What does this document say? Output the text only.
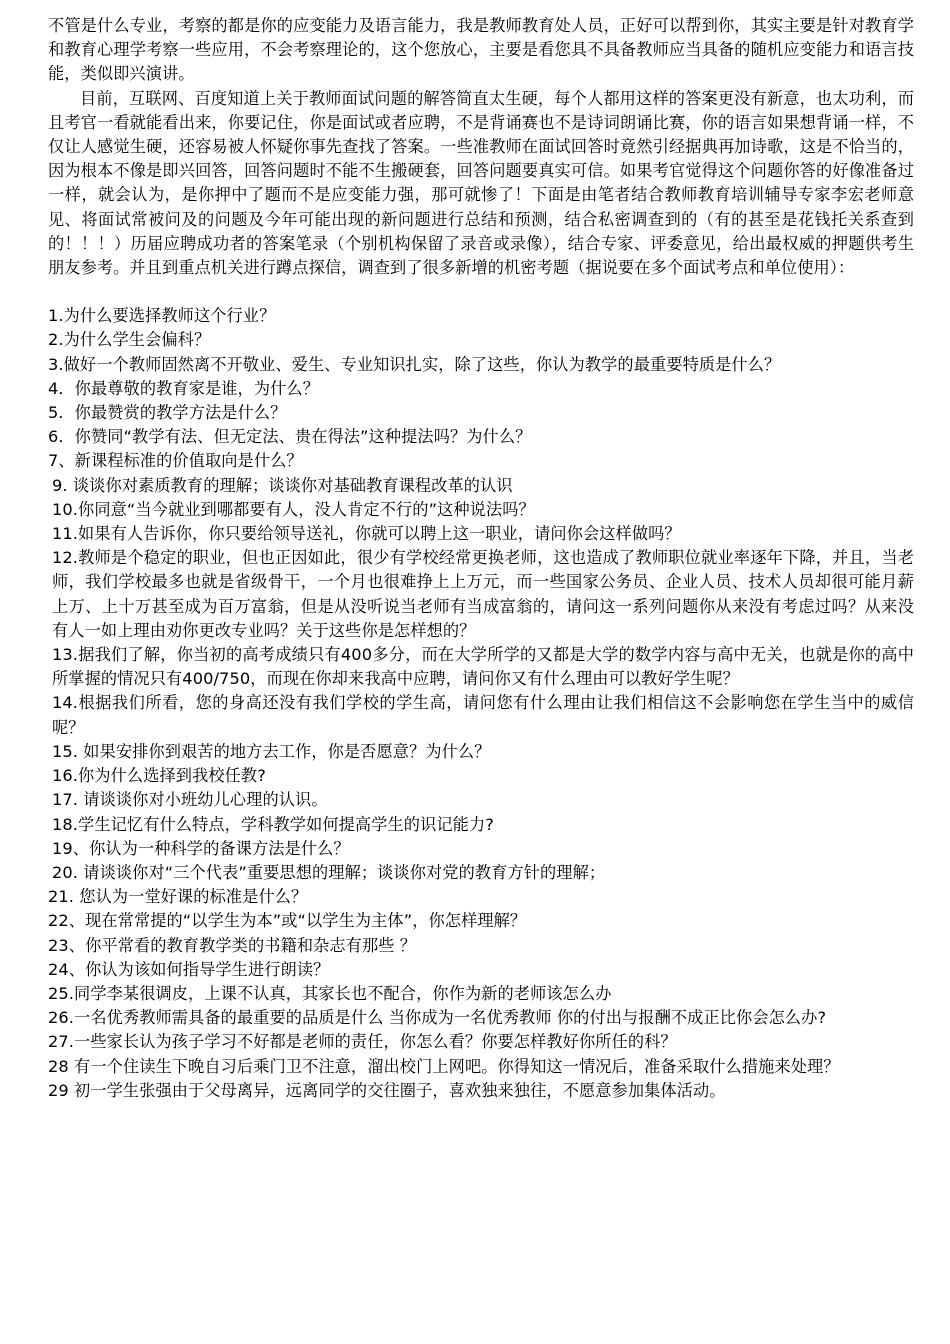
不管是什么专业，考察的都是你的应变能力及语言能力，我是教师教育处人员，正好可以帮到你，其实主要是针对教育学和教育心理学考察一些应用，不会考察理论的，这个您放心，主要是看您具不具备教师应当具备的随机应变能力和语言技能，类似即兴演讲。

目前，互联网、百度知道上关于教师面试问题的解答简直太生硬，每个人都用这样的答案更没有新意，也太功利，而且考官一看就能看出来，你要记住，你是面试或者应聘，不是背诵赛也不是诗词朗诵比赛，你的语言如果想背诵一样，不仅让人感觉生硬，还容易被人怀疑你事先查找了答案。一些准教师在面试回答时竟然引经据典再加诗歌，这是不恰当的，因为根本不像是即兴回答，回答问题时不能不生搬硬套，回答问题要真实可信。如果考官觉得这个问题你答的好像准备过一样，就会认为，是你押中了题而不是应变能力强，那可就惨了！下面是由笔者结合教师教育培训辅导专家李宏老师意见、将面试常被问及的问题及今年可能出现的新问题进行总结和预测，结合私密调查到的（有的甚至是花钱托关系查到的！！！）历届应聘成功者的答案笔录（个别机构保留了录音或录像），结合专家、评委意见，给出最权威的押题供考生朋友参考。并且到重点机关进行蹲点探信，调查到了很多新增的机密考题（据说要在多个面试考点和单位使用）：

1.为什么要选择教师这个行业？

2.为什么学生会偏科？

3.做好一个教师固然离不开敬业、爱生、专业知识扎实，除了这些，你认为教学的最重要特质是什么？

4．你最尊敬的教育家是谁，为什么？

5．你最赞赏的教学方法是什么？

6．你赞同“教学有法、但无定法、贵在得法”这种提法吗？为什么？

7、新课程标准的价值取向是什么？

9. 谈谈你对素质教育的理解；谈谈你对基础教育课程改革的认识

10.你同意“当今就业到哪都要有人，没人肯定不行的”这种说法吗？

11.如果有人告诉你，你只要给领导送礼，你就可以聘上这一职业，请问你会这样做吗？

12.教师是个稳定的职业，但也正因如此，很少有学校经常更换老师，这也造成了教师职位就业率逐年下降，并且，当老师，我们学校最多也就是省级骨干，一个月也很难挣上上万元，而一些国家公务员、企业人员、技术人员却很可能月薪上万、上十万甚至成为百万富翁，但是从没听说当老师有当成富翁的，请问这一系列问题你从来没有考虑过吗？从来没有人一如上理由劝你更改专业吗？关于这些你是怎样想的？

13.据我们了解，你当初的高考成绩只有400多分，而在大学所学的又都是大学的数学内容与高中无关，也就是你的高中所掌握的情况只有400/750，而现在你却来我高中应聘，请问你又有什么理由可以教好学生呢？

14.根据我们所看，您的身高还没有我们学校的学生高，请问您有什么理由让我们相信这不会影响您在学生当中的威信呢？

15. 如果安排你到艰苦的地方去工作，你是否愿意？为什么？

16.你为什么选择到我校任教?

17. 请谈谈你对小班幼儿心理的认识。

18.学生记忆有什么特点，学科教学如何提高学生的识记能力?

19、你认为一种科学的备课方法是什么？

20. 请谈谈你对“三个代表”重要思想的理解；谈谈你对党的教育方针的理解；

21. 您认为一堂好课的标准是什么？

22、现在常常提的“以学生为本”或“以学生为主体”，你怎样理解？

23、你平常看的教育教学类的书籍和杂志有那些 ？

24、你认为该如何指导学生进行朗读？

25.同学李某很调皮，上课不认真，其家长也不配合，你作为新的老师该怎么办

26.一名优秀教师需具备的最重要的品质是什么 当你成为一名优秀教师 你的付出与报酬不成正比你会怎么办?

27.一些家长认为孩子学习不好都是老师的责任，你怎么看？你要怎样教好你所任的科？

28 有一个住读生下晚自习后乘门卫不注意，溜出校门上网吧。你得知这一情况后，准备采取什么措施来处理？

29 初一学生张强由于父母离异，远离同学的交往圈子，喜欢独来独往，不愿意参加集体活动。
